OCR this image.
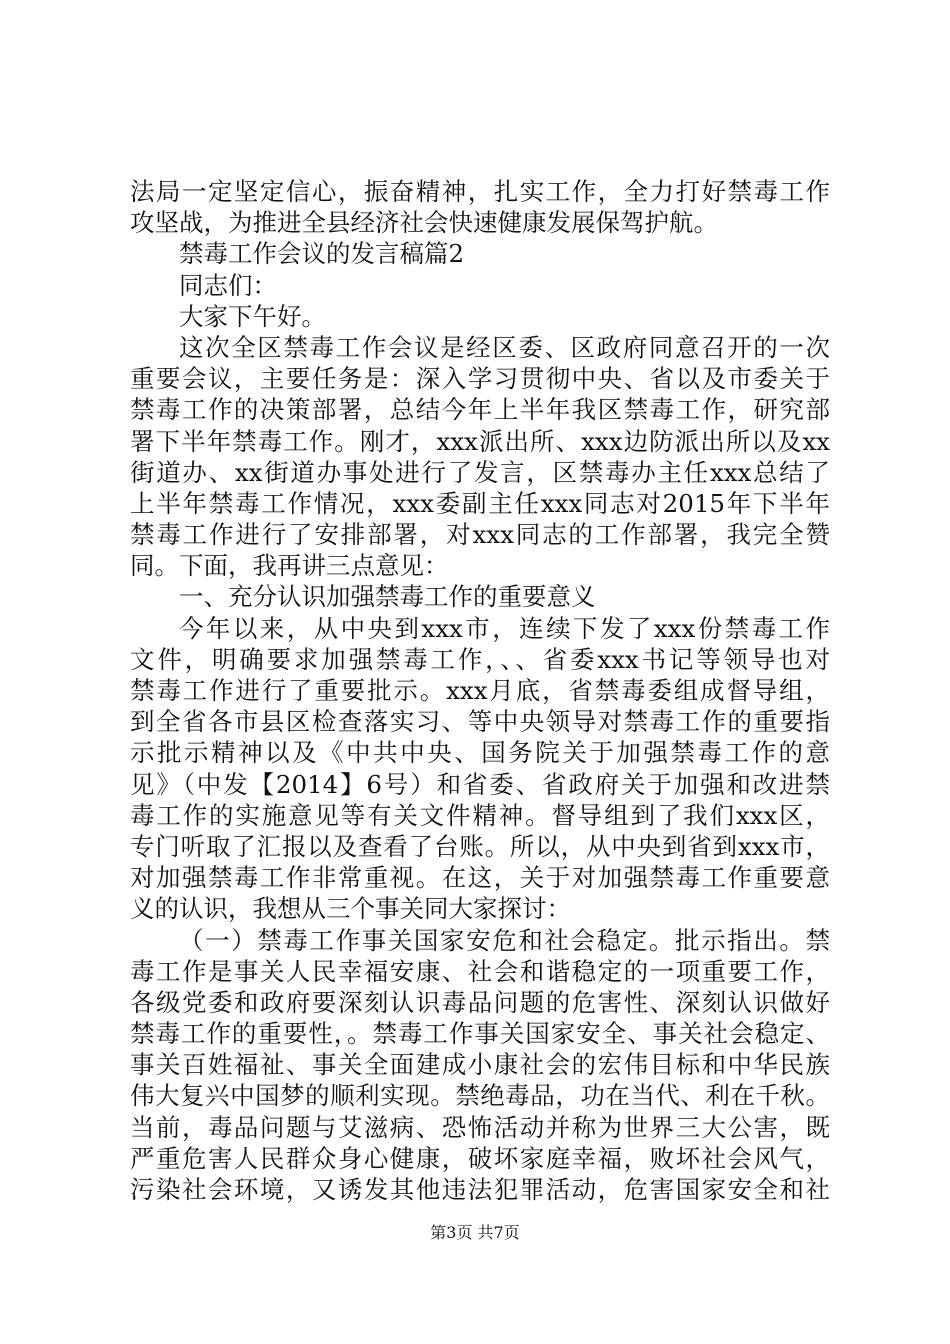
法局一定坚定信心，振奋精神，扎实工作，全力打好禁毒工作
攻坚战，为推进全县经济社会快速健康发展保驾护航。
禁毒工作会议的发言稿篇2
同志们：
大家下午好。
这次全区禁毒工作会议是经区委、区政府同意召开的一次
重要会议，主要任务是：深入学习贯彻中央、省以及市委关于
禁毒工作的决策部署，总结今年上半年我区禁毒工作，研究部
署下半年禁毒工作。刚才，xxx派出所、xxx边防派出所以及xx
街道办、xx街道办事处进行了发言，区禁毒办主任xxx总结了
上半年禁毒工作情况，xxx委副主任xxx同志对2015年下半年
禁毒工作进行了安排部署，对xxx同志的工作部署，我完全赞
同。下面，我再讲三点意见：
一、充分认识加强禁毒工作的重要意义
今年以来，从中央到xxx市，连续下发了xxx份禁毒工作
文件，明确要求加强禁毒工作，、、省委xxx书记等领导也对
禁毒工作进行了重要批示。xxx月底，省禁毒委组成督导组，
到全省各市县区检查落实习、等中央领导对禁毒工作的重要指
示批示精神以及《中共中央、国务院关于加强禁毒工作的意
见》（中发【2014】6号）和省委、省政府关于加强和改进禁
毒工作的实施意见等有关文件精神。督导组到了我们xxx区，
专门听取了汇报以及查看了台账。所以，从中央到省到xxx市，
对加强禁毒工作非常重视。在这，关于对加强禁毒工作重要意
义的认识，我想从三个事关同大家探讨：
（一）禁毒工作事关国家安危和社会稳定。批示指出。禁
毒工作是事关人民幸福安康、社会和谐稳定的一项重要工作，
各级党委和政府要深刻认识毒品问题的危害性、深刻认识做好
禁毒工作的重要性，。禁毒工作事关国家安全、事关社会稳定、
事关百姓福祉、事关全面建成小康社会的宏伟目标和中华民族
伟大复兴中国梦的顺利实现。禁绝毒品，功在当代、利在千秋。
当前，毒品问题与艾滋病、恐怖活动并称为世界三大公害，既
严重危害人民群众身心健康，破坏家庭幸福，败坏社会风气，
污染社会环境，又诱发其他违法犯罪活动，危害国家安全和社
第3页 共7页
